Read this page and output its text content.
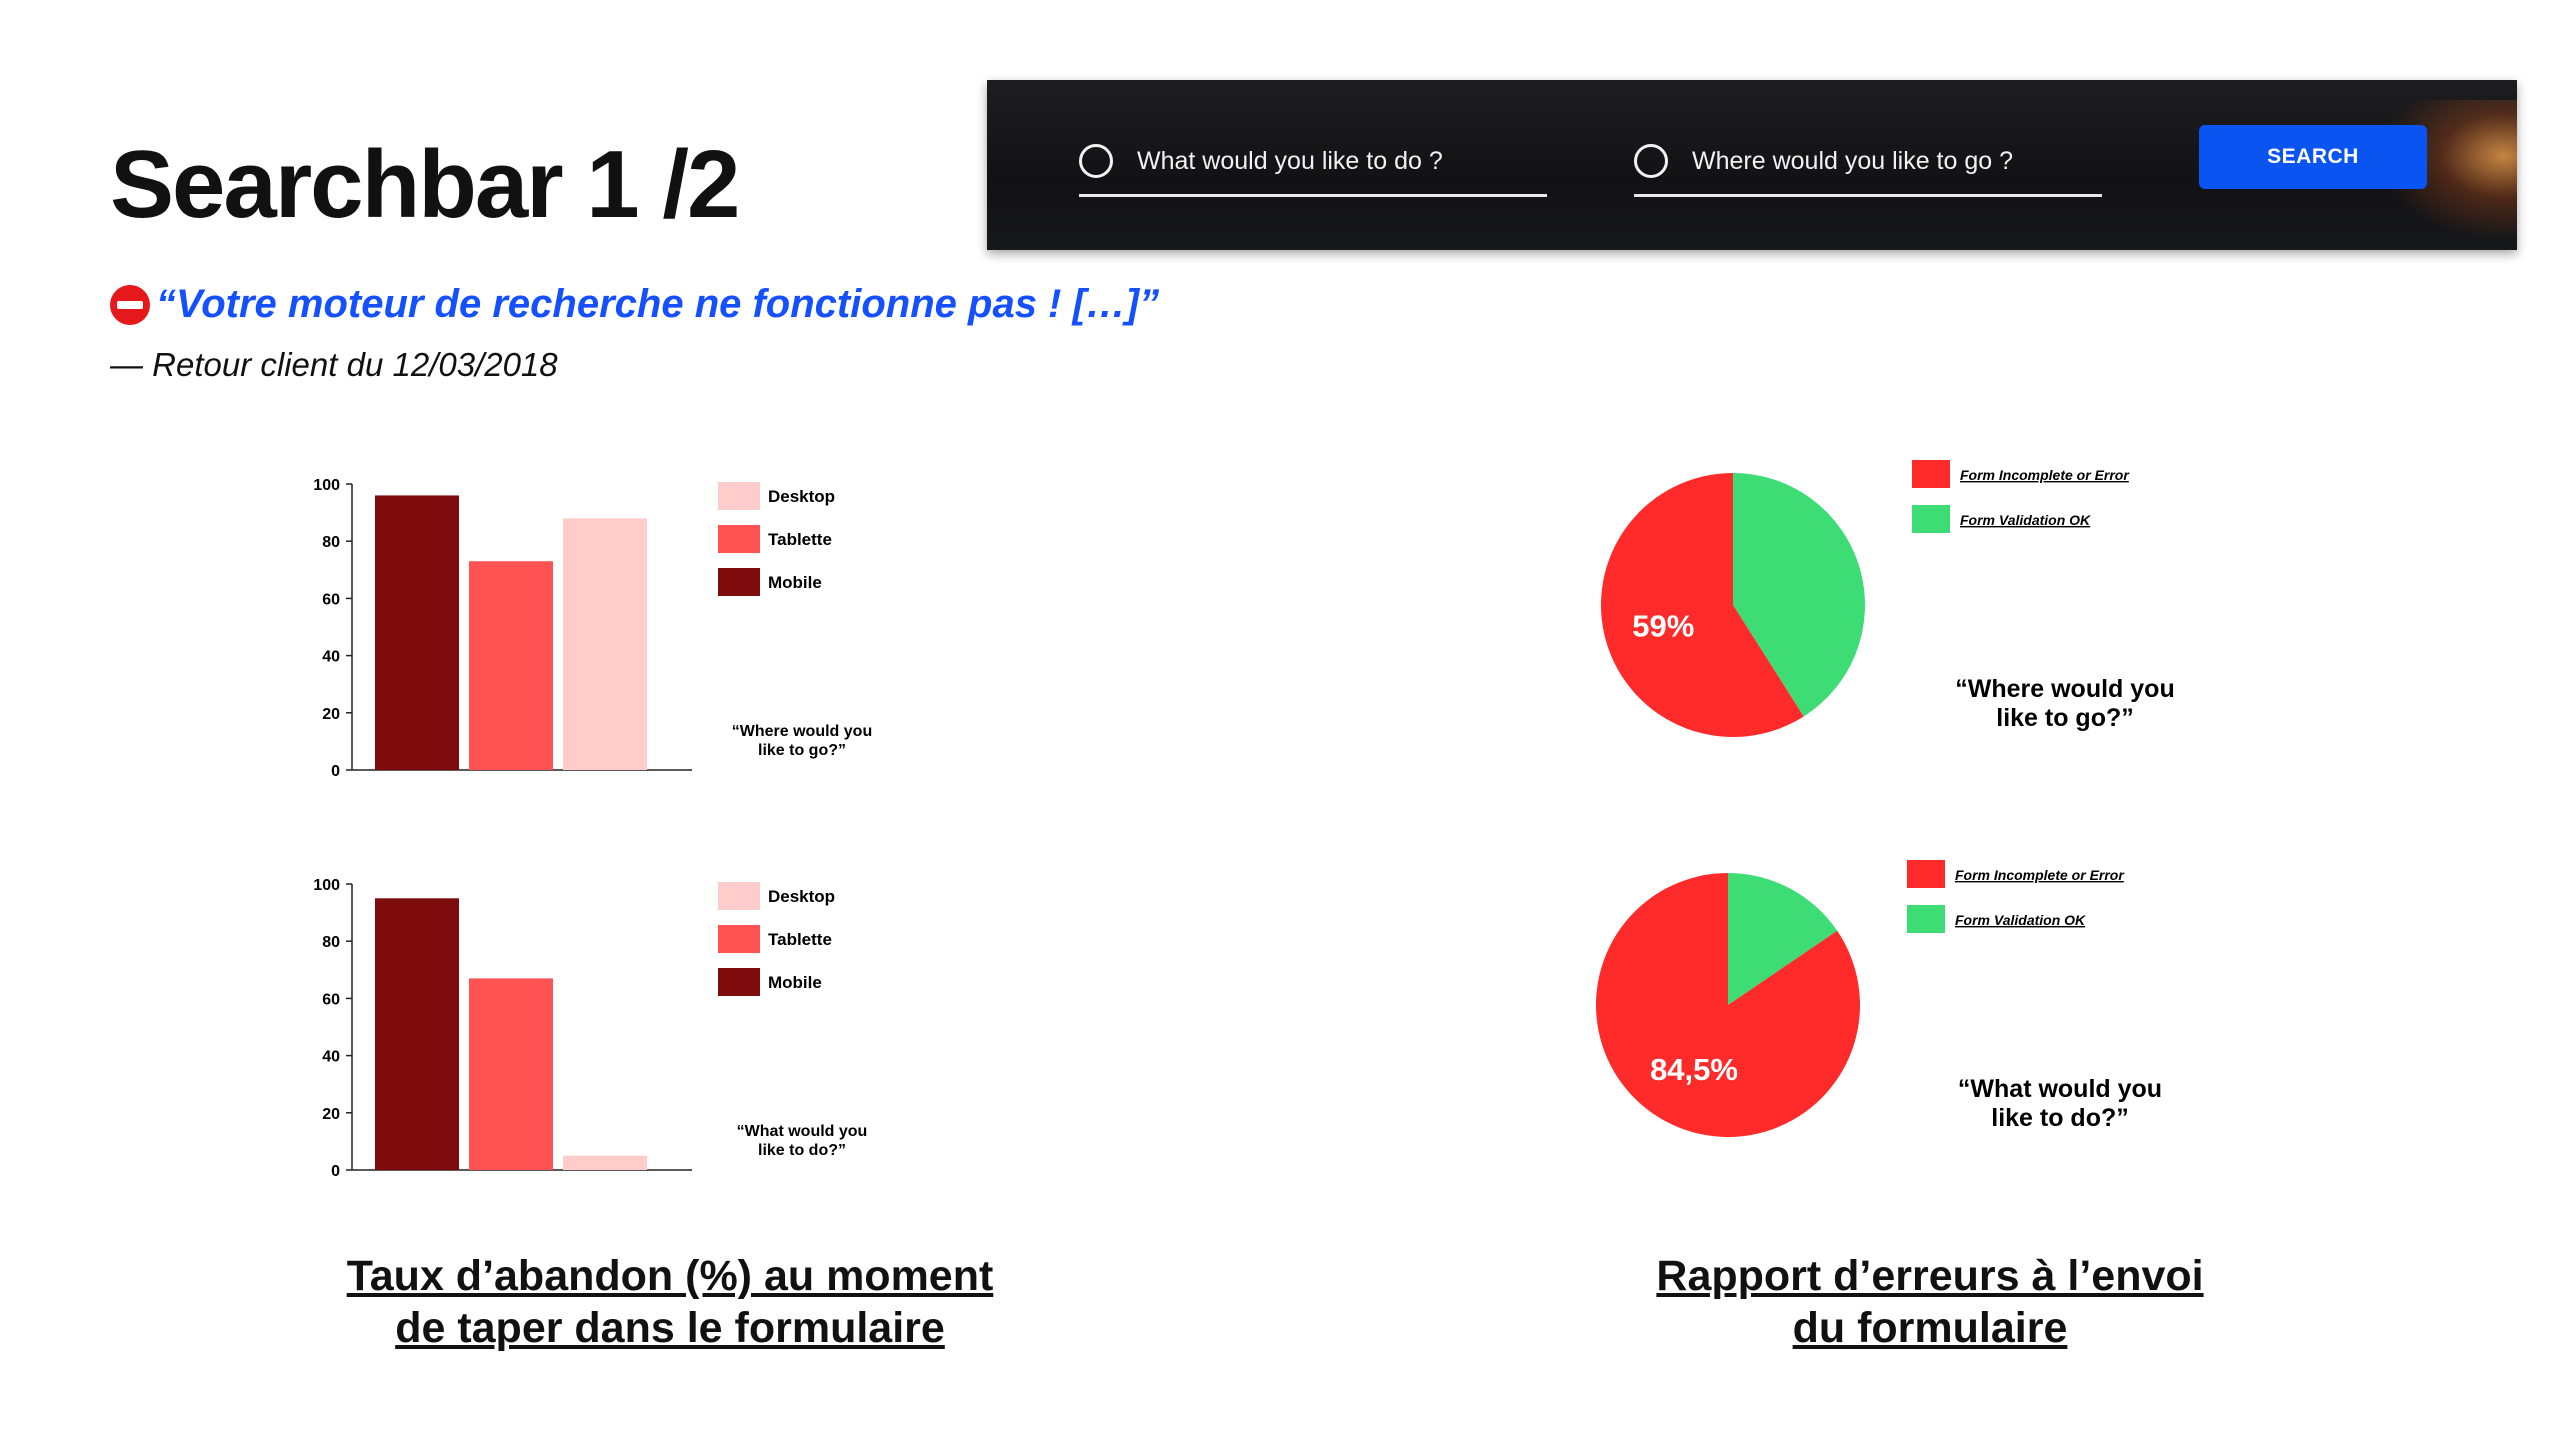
Searchbar 1 /2
“Votre moteur de recherche ne fonctionne pas ! […]”
— Retour client du 12/03/2018
What would you like to do ?	Where would you like to go ?	SEARCH
0
20
40
60
80
100
Desktop
Tablette
Mobile
“Where would you
like to go?”
0
20
40
60
80
100
Desktop
Tablette
Mobile
“What would you
like to do?”
59%
Form Incomplete or Error
Form Validation OK
“Where would you
like to go?”
84,5%
Form Incomplete or Error
Form Validation OK
“What would you
like to do?”
Taux d’abandon (%) au moment
de taper dans le formulaire
Rapport d’erreurs à l’envoi
du formulaire
